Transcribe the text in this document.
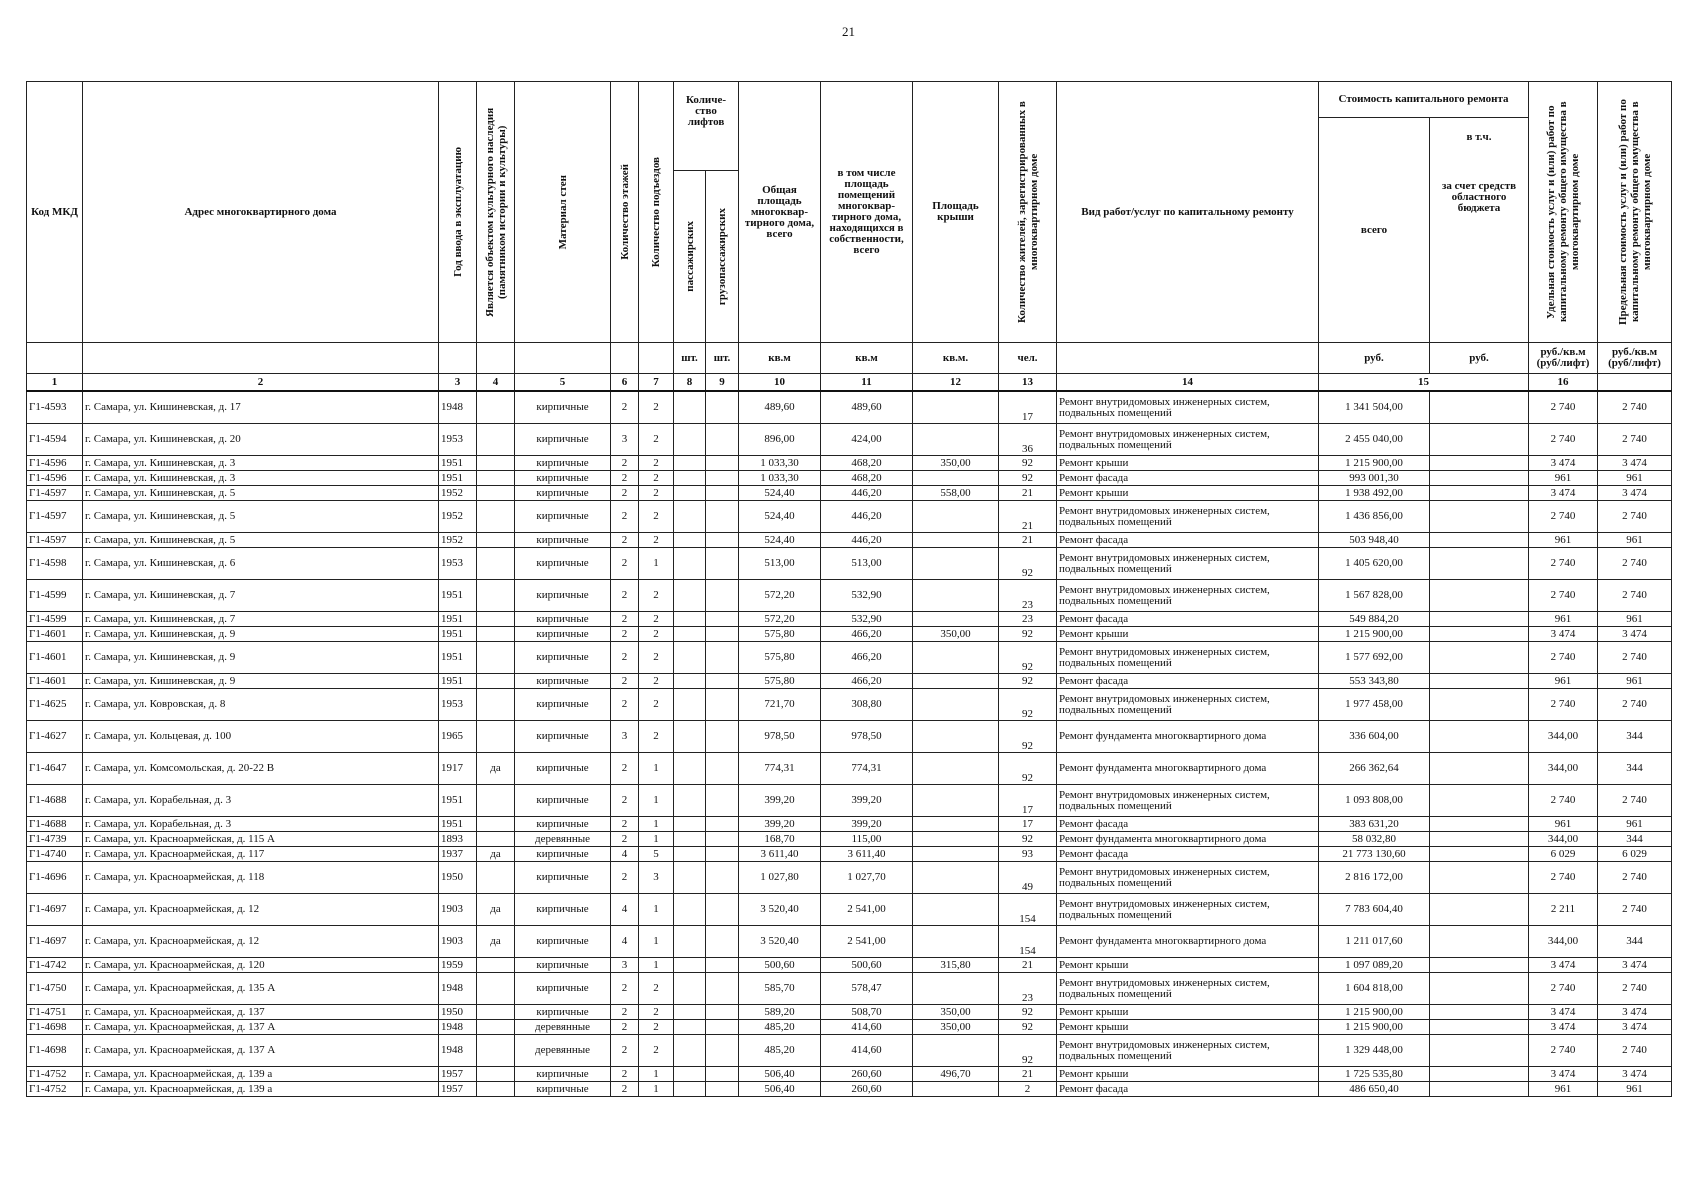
21
Код МКД	Адрес многоквартирного дома	Год ввода в эксплуатацию	Является объектом культурного наследия (памятником истории и культуры)	Материал стен	Количество этажей	Количество подъездов	Количе- ство лифтов		Общая площадь многоквар- тирного дома, всего	в том числе площадь помещений многоквар- тирного дома, находящихся в собственности, всего	Площадь крыши	Количество жителей, зарегистрированных в многоквартирном доме	Вид работ/услуг по капитальному ремонту	Стоимость капитального ремонта		Удельная стоимость услуг и (или) работ по капитальному ремонту общего имущества в многоквартирном доме	Предельная стоимость услуг и (или) работ по капитальному ремонту общего имущества в многоквартирном доме

														всего	в т.ч.		

							пассажирских	грузопассажирских							за счет средств областного бюджета		
							шт.	шт.	кв.м	кв.м	кв.м.	чел.		руб.	руб.	руб./кв.м (руб/лифт)	руб./кв.м (руб/лифт)
1	2	3	4	5	6	7	8	9	10	11	12	13	14	15		16	
Г1-4593	г. Самара, ул. Кишиневская, д. 17	1948		кирпичные	2	2			489,60	489,60		17	Ремонт внутридомовых инженерных систем, подвальных помещений	1 341 504,00		2 740	2 740
Г1-4594	г. Самара, ул. Кишиневская, д. 20	1953		кирпичные	3	2			896,00	424,00		36	Ремонт внутридомовых инженерных систем, подвальных помещений	2 455 040,00		2 740	2 740
Г1-4596	г. Самара, ул. Кишиневская, д. 3	1951		кирпичные	2	2			1 033,30	468,20	350,00	92	Ремонт крыши	1 215 900,00		3 474	3 474
Г1-4596	г. Самара, ул. Кишиневская, д. 3	1951		кирпичные	2	2			1 033,30	468,20		92	Ремонт фасада	993 001,30		961	961
Г1-4597	г. Самара, ул. Кишиневская, д. 5	1952		кирпичные	2	2			524,40	446,20	558,00	21	Ремонт крыши	1 938 492,00		3 474	3 474
Г1-4597	г. Самара, ул. Кишиневская, д. 5	1952		кирпичные	2	2			524,40	446,20		21	Ремонт внутридомовых инженерных систем, подвальных помещений	1 436 856,00		2 740	2 740
Г1-4597	г. Самара, ул. Кишиневская, д. 5	1952		кирпичные	2	2			524,40	446,20		21	Ремонт фасада	503 948,40		961	961
Г1-4598	г. Самара, ул. Кишиневская, д. 6	1953		кирпичные	2	1			513,00	513,00		92	Ремонт внутридомовых инженерных систем, подвальных помещений	1 405 620,00		2 740	2 740
Г1-4599	г. Самара, ул. Кишиневская, д. 7	1951		кирпичные	2	2			572,20	532,90		23	Ремонт внутридомовых инженерных систем, подвальных помещений	1 567 828,00		2 740	2 740
Г1-4599	г. Самара, ул. Кишиневская, д. 7	1951		кирпичные	2	2			572,20	532,90		23	Ремонт фасада	549 884,20		961	961
Г1-4601	г. Самара, ул. Кишиневская, д. 9	1951		кирпичные	2	2			575,80	466,20	350,00	92	Ремонт крыши	1 215 900,00		3 474	3 474
Г1-4601	г. Самара, ул. Кишиневская, д. 9	1951		кирпичные	2	2			575,80	466,20		92	Ремонт внутридомовых инженерных систем, подвальных помещений	1 577 692,00		2 740	2 740
Г1-4601	г. Самара, ул. Кишиневская, д. 9	1951		кирпичные	2	2			575,80	466,20		92	Ремонт фасада	553 343,80		961	961
Г1-4625	г. Самара, ул. Ковровская, д. 8	1953		кирпичные	2	2			721,70	308,80		92	Ремонт внутридомовых инженерных систем, подвальных помещений	1 977 458,00		2 740	2 740
Г1-4627	г. Самара, ул. Кольцевая, д. 100	1965		кирпичные	3	2			978,50	978,50		92	Ремонт фундамента многоквартирного дома	336 604,00		344,00	344
Г1-4647	г. Самара, ул. Комсомольская, д. 20-22 В	1917	да	кирпичные	2	1			774,31	774,31		92	Ремонт фундамента многоквартирного дома	266 362,64		344,00	344
Г1-4688	г. Самара, ул. Корабельная, д. 3	1951		кирпичные	2	1			399,20	399,20		17	Ремонт внутридомовых инженерных систем, подвальных помещений	1 093 808,00		2 740	2 740
Г1-4688	г. Самара, ул. Корабельная, д. 3	1951		кирпичные	2	1			399,20	399,20		17	Ремонт фасада	383 631,20		961	961
Г1-4739	г. Самара, ул. Красноармейская, д. 115 А	1893		деревянные	2	1			168,70	115,00		92	Ремонт фундамента многоквартирного дома	58 032,80		344,00	344
Г1-4740	г. Самара, ул. Красноармейская, д. 117	1937	да	кирпичные	4	5			3 611,40	3 611,40		93	Ремонт фасада	21 773 130,60		6 029	6 029
Г1-4696	г. Самара, ул. Красноармейская, д. 118	1950		кирпичные	2	3			1 027,80	1 027,70		49	Ремонт внутридомовых инженерных систем, подвальных помещений	2 816 172,00		2 740	2 740
Г1-4697	г. Самара, ул. Красноармейская, д. 12	1903	да	кирпичные	4	1			3 520,40	2 541,00		154	Ремонт внутридомовых инженерных систем, подвальных помещений	7 783 604,40		2 211	2 740
Г1-4697	г. Самара, ул. Красноармейская, д. 12	1903	да	кирпичные	4	1			3 520,40	2 541,00		154	Ремонт фундамента многоквартирного дома	1 211 017,60		344,00	344
Г1-4742	г. Самара, ул. Красноармейская, д. 120	1959		кирпичные	3	1			500,60	500,60	315,80	21	Ремонт крыши	1 097 089,20		3 474	3 474
Г1-4750	г. Самара, ул. Красноармейская, д. 135 А	1948		кирпичные	2	2			585,70	578,47		23	Ремонт внутридомовых инженерных систем, подвальных помещений	1 604 818,00		2 740	2 740
Г1-4751	г. Самара, ул. Красноармейская, д. 137	1950		кирпичные	2	2			589,20	508,70	350,00	92	Ремонт крыши	1 215 900,00		3 474	3 474
Г1-4698	г. Самара, ул. Красноармейская, д. 137 А	1948		деревянные	2	2			485,20	414,60	350,00	92	Ремонт крыши	1 215 900,00		3 474	3 474
Г1-4698	г. Самара, ул. Красноармейская, д. 137 А	1948		деревянные	2	2			485,20	414,60		92	Ремонт внутридомовых инженерных систем, подвальных помещений	1 329 448,00		2 740	2 740
Г1-4752	г. Самара, ул. Красноармейская, д. 139 а	1957		кирпичные	2	1			506,40	260,60	496,70	21	Ремонт крыши	1 725 535,80		3 474	3 474
Г1-4752	г. Самара, ул. Красноармейская, д. 139 а	1957		кирпичные	2	1			506,40	260,60		2	Ремонт фасада	486 650,40		961	961
